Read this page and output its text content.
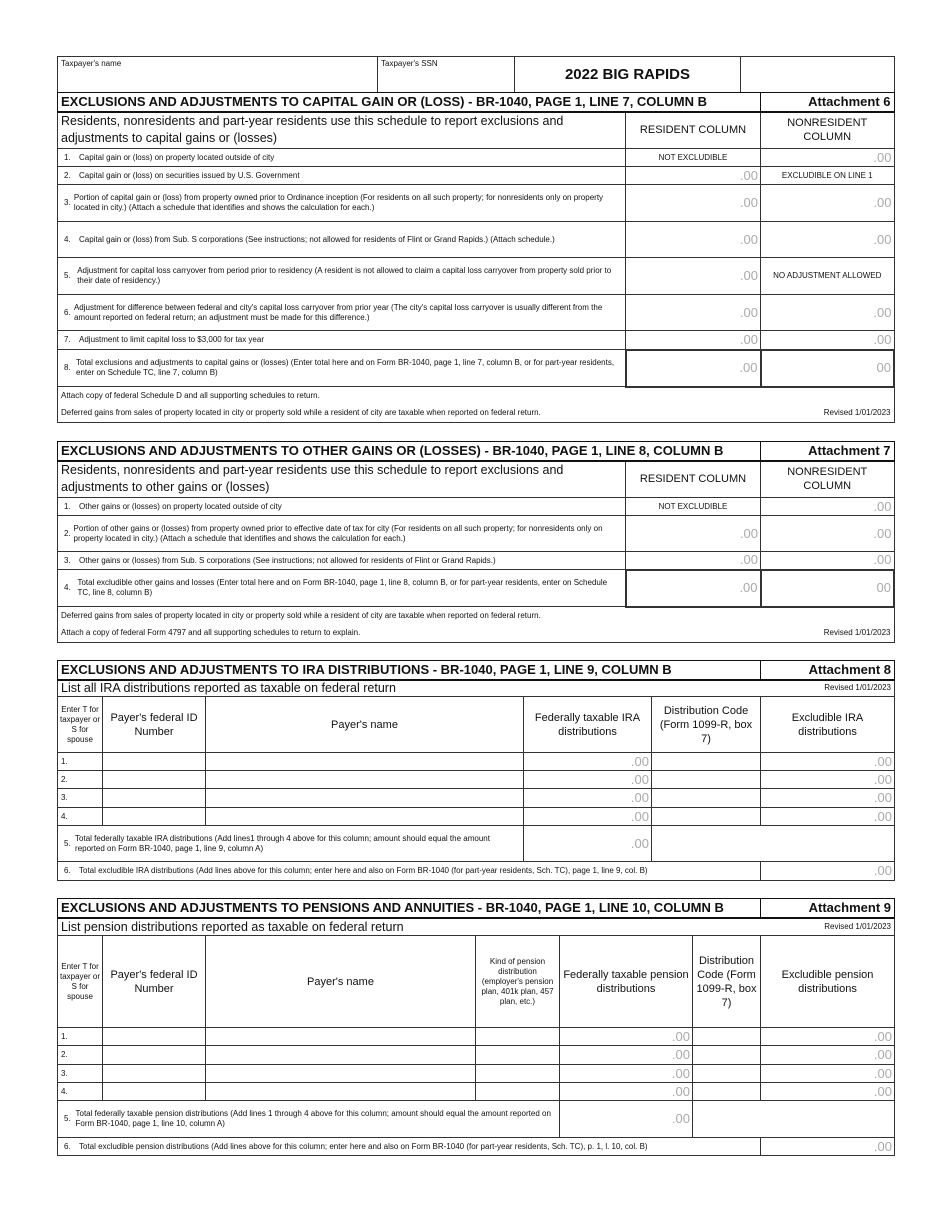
Taxpayer's name	Taxpayer's SSN	2022 BIG RAPIDS	
EXCLUSIONS AND ADJUSTMENTS TO CAPITAL GAIN OR (LOSS) - BR-1040, PAGE 1, LINE 7, COLUMN B		Attachment 6
Residents, nonresidents and part-year residents use this schedule to report exclusions and adjustments to capital gains or (losses)	RESIDENT COLUMN	NONRESIDENT COLUMN

1. Capital gain or (loss) on property located outside of city	NOT EXCLUDIBLE	.00

2. Capital gain or (loss) on securities issued by U.S. Government	.00	EXCLUDIBLE ON LINE 1

3.
Portion of capital gain or (loss) from property owned prior to Ordinance inception (For residents on all such property; for nonresidents only on property located in city.) (Attach a schedule that identifies and shows the calculation for each.)	.00	.00

4. Capital gain or (loss) from Sub. S corporations (See instructions; not allowed for residents of Flint or Grand Rapids.) (Attach schedule.)	.00	.00

5.
Adjustment for capital loss carryover from period prior to residency (A resident is not allowed to claim a capital loss carryover from property sold prior to their date of residency.)	.00	NO ADJUSTMENT ALLOWED

6.
Adjustment for difference between federal and city's capital loss carryover from prior year (The city's capital loss carryover is usually different from the amount reported on federal return; an adjustment must be made for this difference.)	.00	.00

7. Adjustment to limit capital loss to $3,000 for tax year	.00	.00

8.
Total exclusions and adjustments to capital gains or (losses) (Enter total here and on Form BR-1040, page 1, line 7, column B, or for part-year residents, enter on Schedule TC, line 7, column B)	.00	00
Attach copy of federal Schedule D and all supporting schedules to return.		

Deferred gains from sales of property located in city or property sold while a resident of city are taxable when reported on federal return. Revised 1/01/2023		
EXCLUSIONS AND ADJUSTMENTS TO OTHER GAINS OR (LOSSES) - BR-1040, PAGE 1, LINE 8, COLUMN B		Attachment 7
Residents, nonresidents and part-year residents use this schedule to report exclusions and adjustments to other gains or (losses)	RESIDENT COLUMN	NONRESIDENT COLUMN

1. Other gains or (losses) on property located outside of city	NOT EXCLUDIBLE	.00

2.
Portion of other gains or (losses) from property owned prior to effective date of tax for city (For residents on all such property; for nonresidents only on property located in city.) (Attach a schedule that identifies and shows the calculation for each.)	.00	.00

3. Other gains or (losses) from Sub. S corporations (See instructions; not allowed for residents of Flint or Grand Rapids.)	.00	.00

4.
Total excludible other gains and losses (Enter total here and on Form BR-1040, page 1, line 8, column B, or for part-year residents, enter on Schedule TC, line 8, column B)	.00	00
Deferred gains from sales of property located in city or property sold while a resident of city are taxable when reported on federal return.		

Attach a copy of federal Form 4797 and all supporting schedules to return to explain. Revised 1/01/2023		
EXCLUSIONS AND ADJUSTMENTS TO IRA DISTRIBUTIONS - BR-1040, PAGE 1, LINE 9, COLUMN B					Attachment 8
List all IRA distributions reported as taxable on federal return					Revised 1/01/2023
Enter T for taxpayer or S for spouse	Payer's federal ID Number	Payer's name	Federally taxable IRA distributions	Distribution Code (Form 1099-R, box 7)	Excludible IRA distributions
1.			.00		.00
2.			.00		.00
3.			.00		.00
4.			.00		.00

5.
Total federally taxable IRA distributions (Add lines1 through 4 above for this column; amount should equal the amount reported on Form BR-1040, page 1, line 9, column A)			.00		

6. Total excludible IRA distributions (Add lines above for this column; enter here and also on Form BR-1040 (for part-year residents, Sch. TC), page 1, line 9, col. B)					.00
EXCLUSIONS AND ADJUSTMENTS TO PENSIONS AND ANNUITIES - BR-1040, PAGE 1, LINE 10, COLUMN B						Attachment 9
List pension distributions reported as taxable on federal return						Revised 1/01/2023
Enter T for taxpayer or S for spouse	Payer's federal ID Number	Payer's name	Kind of pension distribution (employer's pension plan, 401k plan, 457 plan, etc.)	Federally taxable pension distributions	Distribution Code (Form 1099-R, box 7)	Excludible pension distributions
1.				.00		.00
2.				.00		.00
3.				.00		.00
4.				.00		.00

5.
Total federally taxable pension distributions (Add lines 1 through 4 above for this column; amount should equal the amount reported on Form BR-1040, page 1, line 10, column A)				.00		

6. Total excludible pension distributions (Add lines above for this column; enter here and also on Form BR-1040 (for part-year residents, Sch. TC), p. 1, l. 10, col. B)						.00
